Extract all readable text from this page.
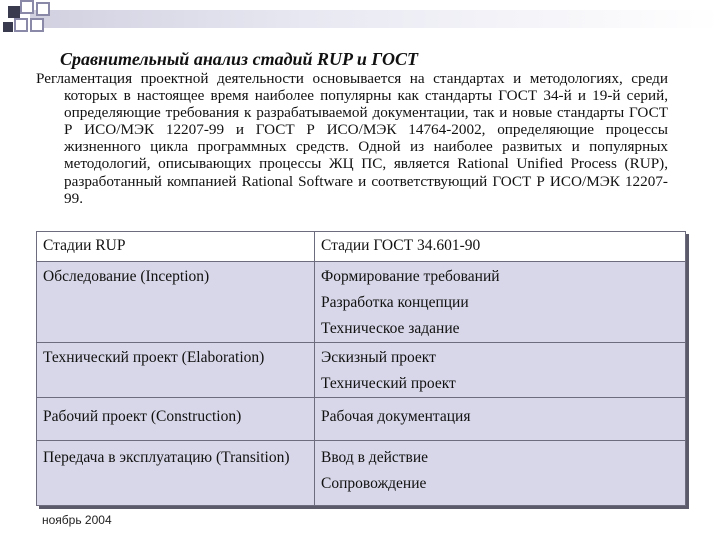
Сравнительный анализ стадий RUP и ГОСТ
Регламентация проектной деятельности основывается на стандартах и методологиях, среди которых в настоящее время наиболее популярны как стандарты ГОСТ 34-й и 19-й серий, определяющие требования к разрабатываемой документации, так и новые стандарты ГОСТ Р ИСО/МЭК 12207-99 и ГОСТ Р ИСО/МЭК 14764-2002, определяющие процессы жизненного цикла программных средств. Одной из наиболее развитых и популярных методологий, описывающих процессы ЖЦ ПС, является Rational Unified Process (RUP), разработанный компанией Rational Software и соответствующий ГОСТ Р ИСО/МЭК 12207-99.
Стадии RUP	Стадии ГОСТ 34.601-90
Обследование (Inception)	Формирование требований
Разработка концепции
Техническое задание

Технический проект (Elaboration)	Эскизный проект
Технический проект

Рабочий проект (Construction)	Рабочая документация

Передача в эксплуатацию (Transition)	Ввод в действие
Сопровождение
ноябрь 2004
